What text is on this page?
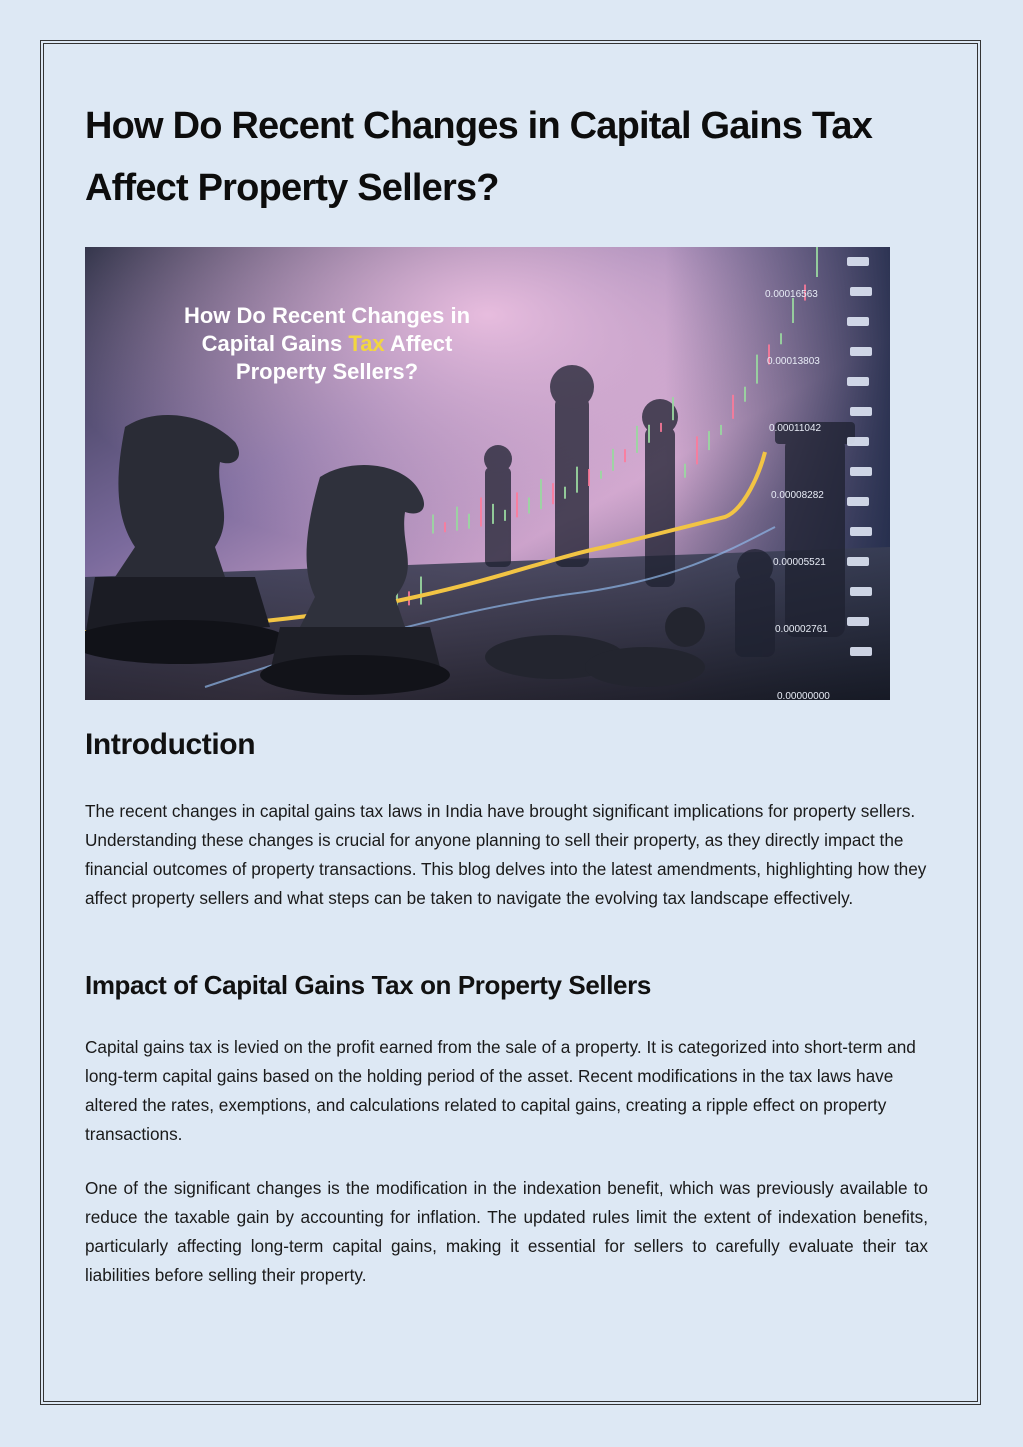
How Do Recent Changes in Capital Gains Tax Affect Property Sellers?
0.00016563
0.00013803
0.00011042
0.00008282
0.00005521
0.00002761
0.00000000
How Do Recent Changes in
Capital Gains Tax Affect
Property Sellers?
Introduction

The recent changes in capital gains tax laws in India have brought significant implications for property sellers. Understanding these changes is crucial for anyone planning to sell their property, as they directly impact the financial outcomes of property transactions. This blog delves into the latest amendments, highlighting how they affect property sellers and what steps can be taken to navigate the evolving tax landscape effectively.

Impact of Capital Gains Tax on Property Sellers

Capital gains tax is levied on the profit earned from the sale of a property. It is categorized into short-term and long-term capital gains based on the holding period of the asset. Recent modifications in the tax laws have altered the rates, exemptions, and calculations related to capital gains, creating a ripple effect on property transactions.

One of the significant changes is the modification in the indexation benefit, which was previously available to reduce the taxable gain by accounting for inflation. The updated rules limit the extent of indexation benefits, particularly affecting long-term capital gains, making it essential for sellers to carefully evaluate their tax liabilities before selling their property.
